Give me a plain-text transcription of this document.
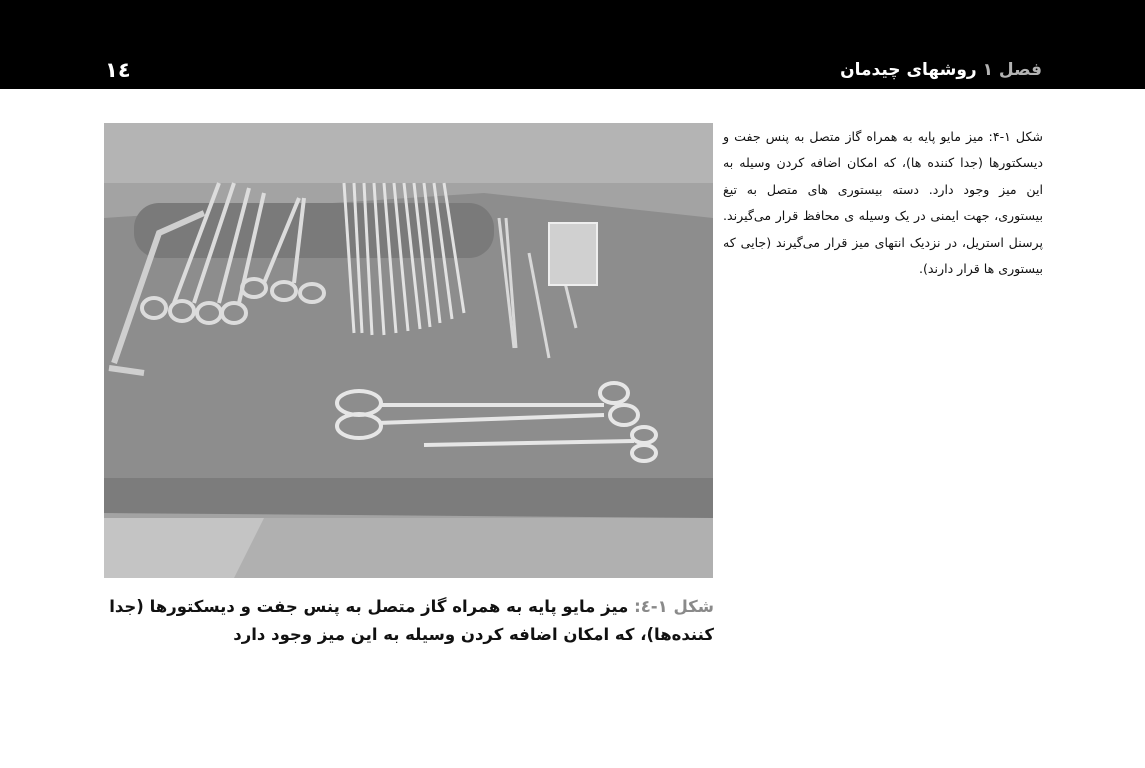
١٤	فصل ١ روشهای چیدمان
شکل ۱-۴: میز مایو پایه به همراه گاز متصل به پنس جفت و دیسکتورها (جدا کننده ها)، که امکان اضافه کردن وسیله به این میز وجود دارد. دسته بیستوری های متصل به تیغ بیستوری، جهت ایمنی در یک وسیله ی محافظ قرار می‌گیرند. پرسنل استریل، در نزدیک انتهای میز قرار می‌گیرند (جایی که بیستوری ها قرار دارند).
شکل ۱-٤: میز مایو پایه به همراه گاز متصل به پنس جفت و دیسکتورها (جدا کننده‌ها)، که امکان اضافه کردن وسیله به این میز وجود دارد
